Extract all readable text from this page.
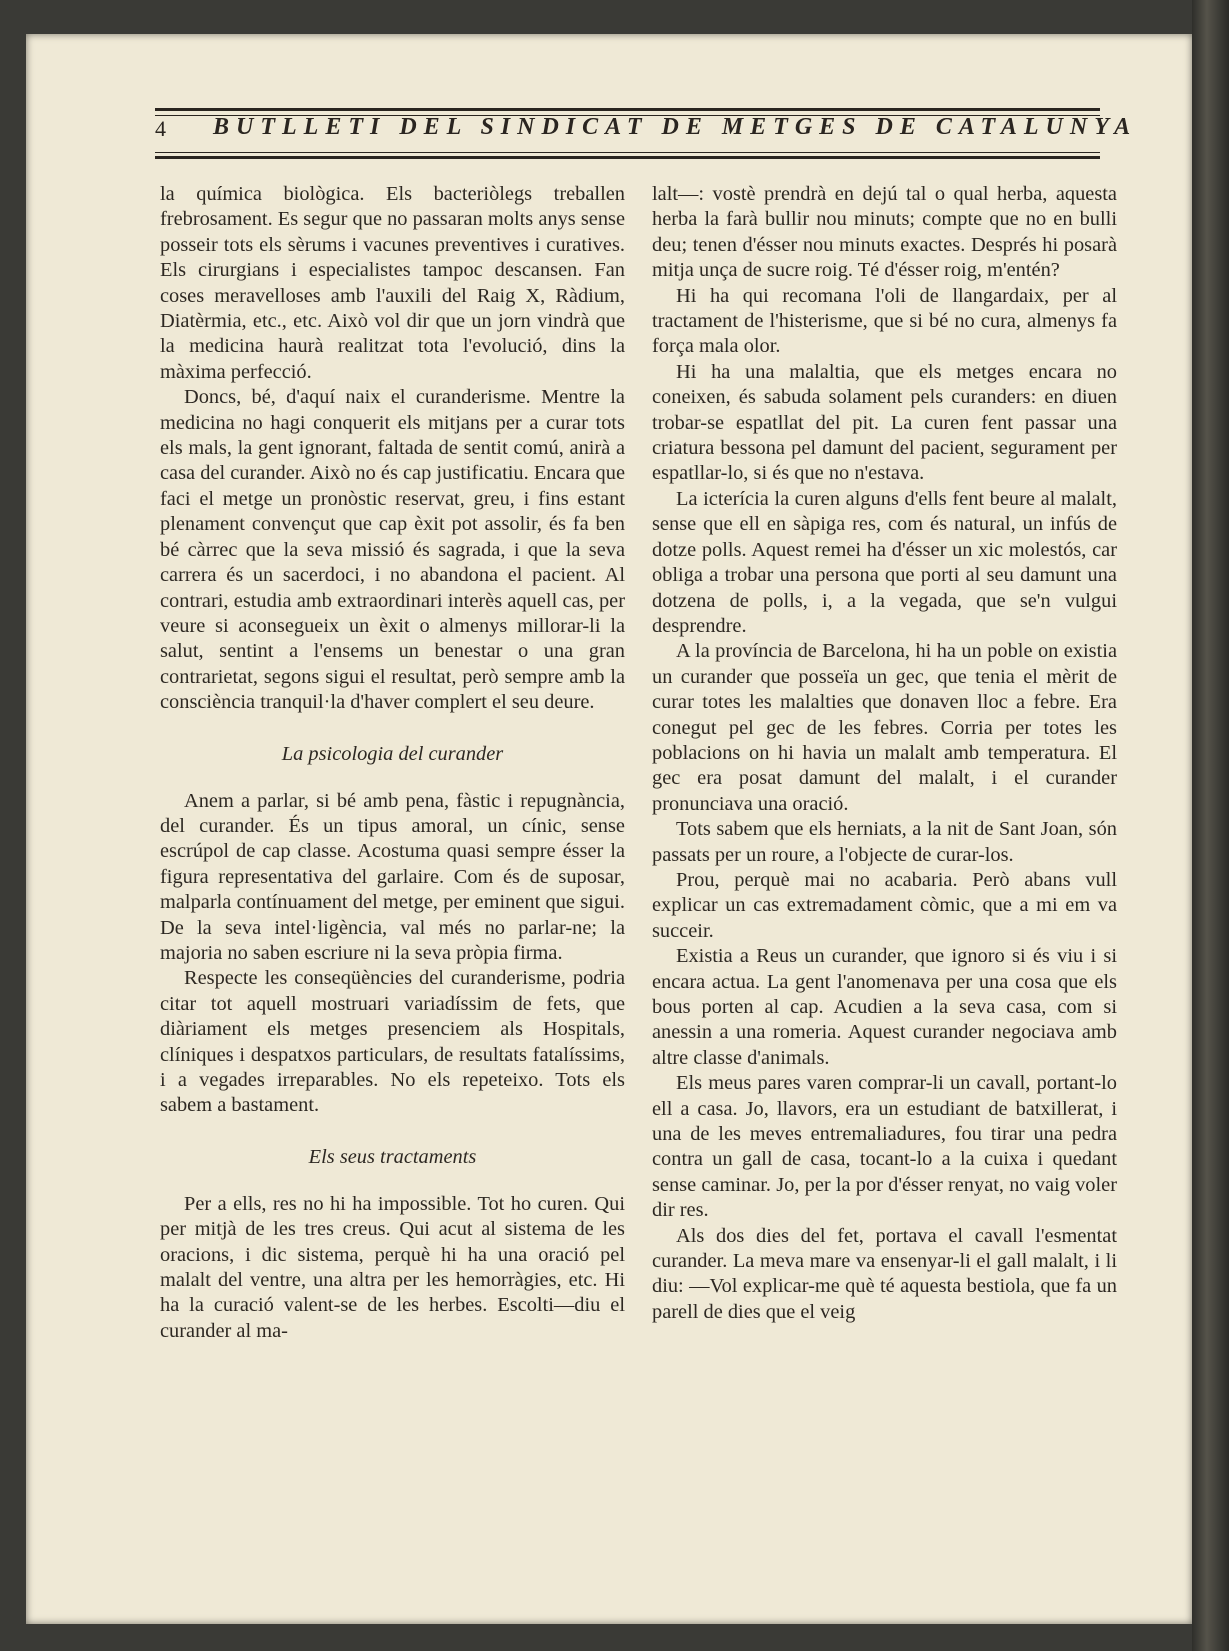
4 BUTLLETI DEL SINDICAT DE METGES DE CATALUNYA

la química biològica. Els bacteriòlegs treballen frebrosament. Es segur que no passaran molts anys sense posseir tots els sèrums i vacunes preventives i curatives. Els cirurgians i especialistes tampoc descansen. Fan coses meravelloses amb l'auxili del Raig X, Ràdium, Diatèrmia, etc., etc. Això vol dir que un jorn vindrà que la medicina haurà realitzat tota l'evolució, dins la màxima perfecció.

Doncs, bé, d'aquí naix el curanderisme. Mentre la medicina no hagi conquerit els mitjans per a curar tots els mals, la gent ignorant, faltada de sentit comú, anirà a casa del curander. Això no és cap justificatiu. Encara que faci el metge un pronòstic reservat, greu, i fins estant plenament convençut que cap èxit pot assolir, és fa ben bé càrrec que la seva missió és sagrada, i que la seva carrera és un sacerdoci, i no abandona el pacient. Al contrari, estudia amb extraordinari interès aquell cas, per veure si aconsegueix un èxit o almenys millorar-li la salut, sentint a l'ensems un benestar o una gran contrarietat, segons sigui el resultat, però sempre amb la consciència tranquil·la d'haver complert el seu deure.

La psicologia del curander

Anem a parlar, si bé amb pena, fàstic i repugnància, del curander. És un tipus amoral, un cínic, sense escrúpol de cap classe. Acostuma quasi sempre ésser la figura representativa del garlaire. Com és de suposar, malparla contínuament del metge, per eminent que sigui. De la seva intel·ligència, val més no parlar-ne; la majoria no saben escriure ni la seva pròpia firma.

Respecte les conseqüències del curanderisme, podria citar tot aquell mostruari variadíssim de fets, que diàriament els metges presenciem als Hospitals, clíniques i despatxos particulars, de resultats fatalíssims, i a vegades irreparables. No els repeteixo. Tots els sabem a bastament.

Els seus tractaments

Per a ells, res no hi ha impossible. Tot ho curen. Qui per mitjà de les tres creus. Qui acut al sistema de les oracions, i dic sistema, perquè hi ha una oració pel malalt del ventre, una altra per les hemorràgies, etc. Hi ha la curació valent-se de les herbes. Escolti—diu el curander al ma-

lalt—: vostè prendrà en dejú tal o qual herba, aquesta herba la farà bullir nou minuts; compte que no en bulli deu; tenen d'ésser nou minuts exactes. Després hi posarà mitja unça de sucre roig. Té d'ésser roig, m'entén?

Hi ha qui recomana l'oli de llangardaix, per al tractament de l'histerisme, que si bé no cura, almenys fa força mala olor.

Hi ha una malaltia, que els metges encara no coneixen, és sabuda solament pels curanders: en diuen trobar-se espatllat del pit. La curen fent passar una criatura bessona pel damunt del pacient, segurament per espatllar-lo, si és que no n'estava.

La icterícia la curen alguns d'ells fent beure al malalt, sense que ell en sàpiga res, com és natural, un infús de dotze polls. Aquest remei ha d'ésser un xic molestós, car obliga a trobar una persona que porti al seu damunt una dotzena de polls, i, a la vegada, que se'n vulgui desprendre.

A la província de Barcelona, hi ha un poble on existia un curander que posseïa un gec, que tenia el mèrit de curar totes les malalties que donaven lloc a febre. Era conegut pel gec de les febres. Corria per totes les poblacions on hi havia un malalt amb temperatura. El gec era posat damunt del malalt, i el curander pronunciava una oració.

Tots sabem que els herniats, a la nit de Sant Joan, són passats per un roure, a l'objecte de curar-los.

Prou, perquè mai no acabaria. Però abans vull explicar un cas extremadament còmic, que a mi em va succeir.

Existia a Reus un curander, que ignoro si és viu i si encara actua. La gent l'anomenava per una cosa que els bous porten al cap. Acudien a la seva casa, com si anessin a una romeria. Aquest curander negociava amb altre classe d'animals.

Els meus pares varen comprar-li un cavall, portant-lo ell a casa. Jo, llavors, era un estudiant de batxillerat, i una de les meves entremaliadures, fou tirar una pedra contra un gall de casa, tocant-lo a la cuixa i quedant sense caminar. Jo, per la por d'ésser renyat, no vaig voler dir res.

Als dos dies del fet, portava el cavall l'esmentat curander. La meva mare va ensenyar-li el gall malalt, i li diu: —Vol explicar-me què té aquesta bestiola, que fa un parell de dies que el veig
